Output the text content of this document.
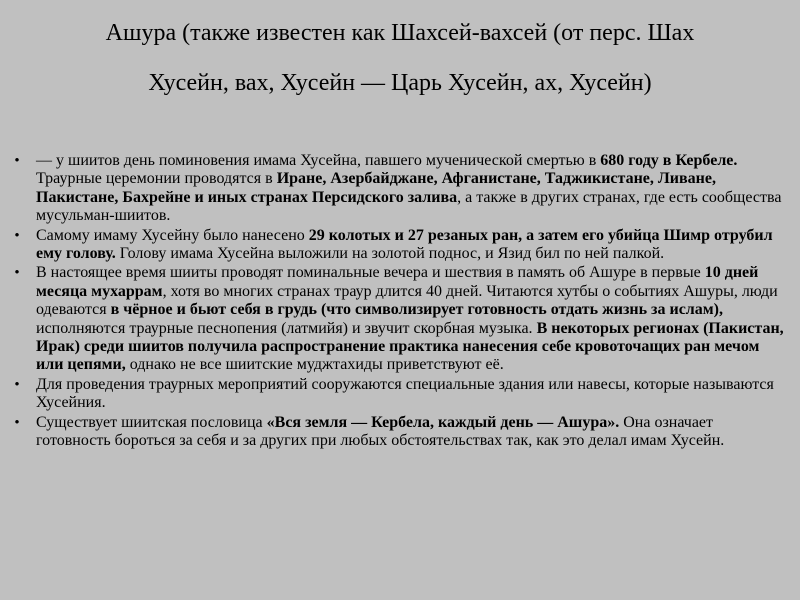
Ашура (также известен как Шахсей-вахсей (от перс. Шах
Хусейн, вах, Хусейн — Царь Хусейн, ах, Хусейн)
• — у шиитов день поминовения имама Хусейна, павшего мученической смертью в 680 году в Кербеле. Траурные церемонии проводятся в Иране, Азербайджане, Афганистане, Таджикистане, Ливане, Пакистане, Бахрейне и иных странах Персидского залива, а также в других странах, где есть сообщества мусульман-шиитов.
• Самому имаму Хусейну было нанесено 29 колотых и 27 резаных ран, а затем его убийца Шимр отрубил ему голову. Голову имама Хусейна выложили на золотой поднос, и Язид бил по ней палкой.
• В настоящее время шииты проводят поминальные вечера и шествия в память об Ашуре в первые 10 дней месяца мухаррам, хотя во многих странах траур длится 40 дней. Читаются хутбы о событиях Ашуры, люди одеваются в чёрное и бьют себя в грудь (что символизирует готовность отдать жизнь за ислам), исполняются траурные песнопения (латмийя) и звучит скорбная музыка. В некоторых регионах (Пакистан, Ирак) среди шиитов получила распространение практика нанесения себе кровоточащих ран мечом или цепями, однако не все шиитские муджтахиды приветствуют её.
• Для проведения траурных мероприятий сооружаются специальные здания или навесы, которые называются Хусейния.
• Существует шиитская пословица «Вся земля — Кербела, каждый день — Ашура». Она означает готовность бороться за себя и за других при любых обстоятельствах так, как это делал имам Хусейн.
